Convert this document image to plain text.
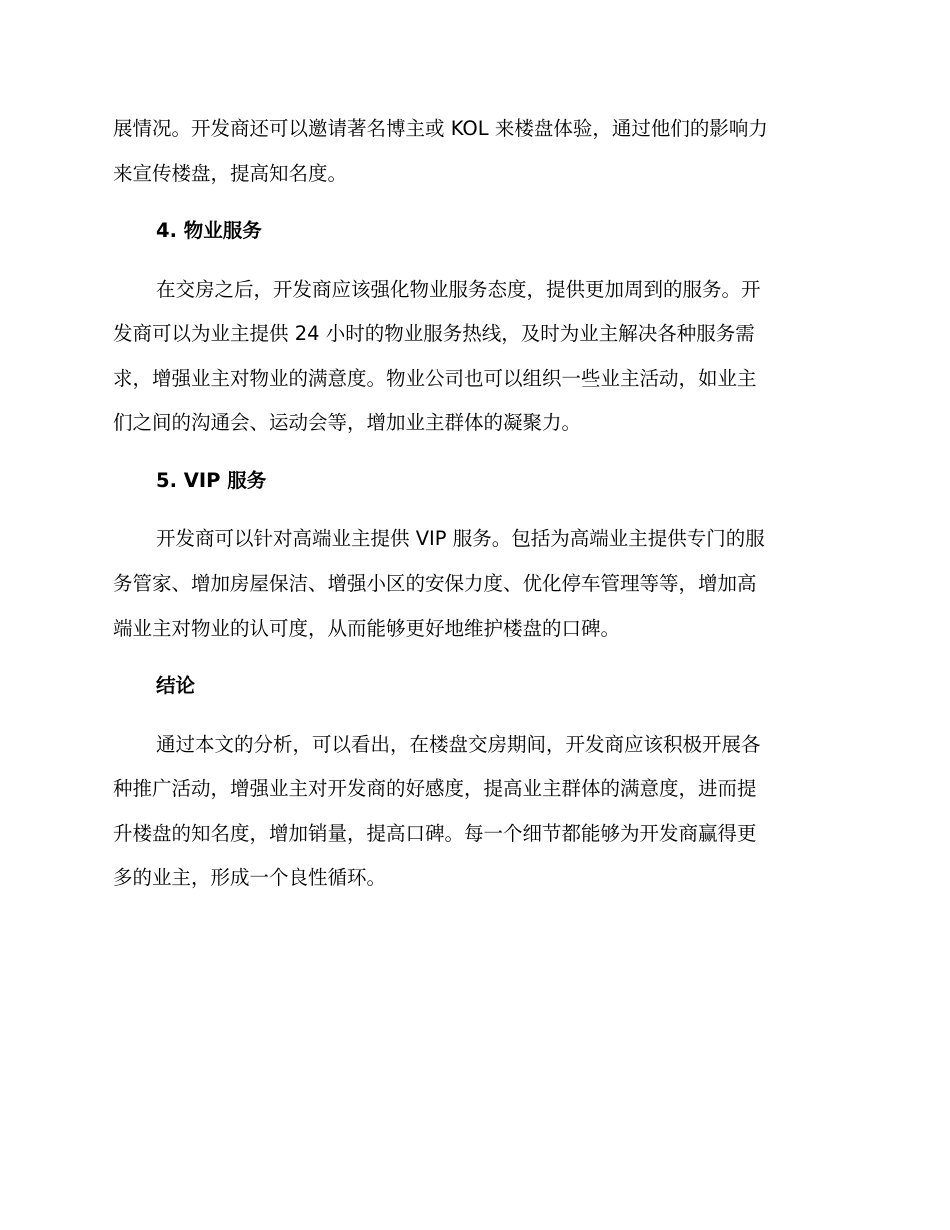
展情况。开发商还可以邀请著名博主或 KOL 来楼盘体验，通过他们的影响力

来宣传楼盘，提高知名度。

4. 物业服务

在交房之后，开发商应该强化物业服务态度，提供更加周到的服务。开

发商可以为业主提供 24 小时的物业服务热线，及时为业主解决各种服务需

求，增强业主对物业的满意度。物业公司也可以组织一些业主活动，如业主

们之间的沟通会、运动会等，增加业主群体的凝聚力。

5. VIP 服务

开发商可以针对高端业主提供 VIP 服务。包括为高端业主提供专门的服

务管家、增加房屋保洁、增强小区的安保力度、优化停车管理等等，增加高

端业主对物业的认可度，从而能够更好地维护楼盘的口碑。

结论

通过本文的分析，可以看出，在楼盘交房期间，开发商应该积极开展各

种推广活动，增强业主对开发商的好感度，提高业主群体的满意度，进而提

升楼盘的知名度，增加销量，提高口碑。每一个细节都能够为开发商赢得更

多的业主，形成一个良性循环。
